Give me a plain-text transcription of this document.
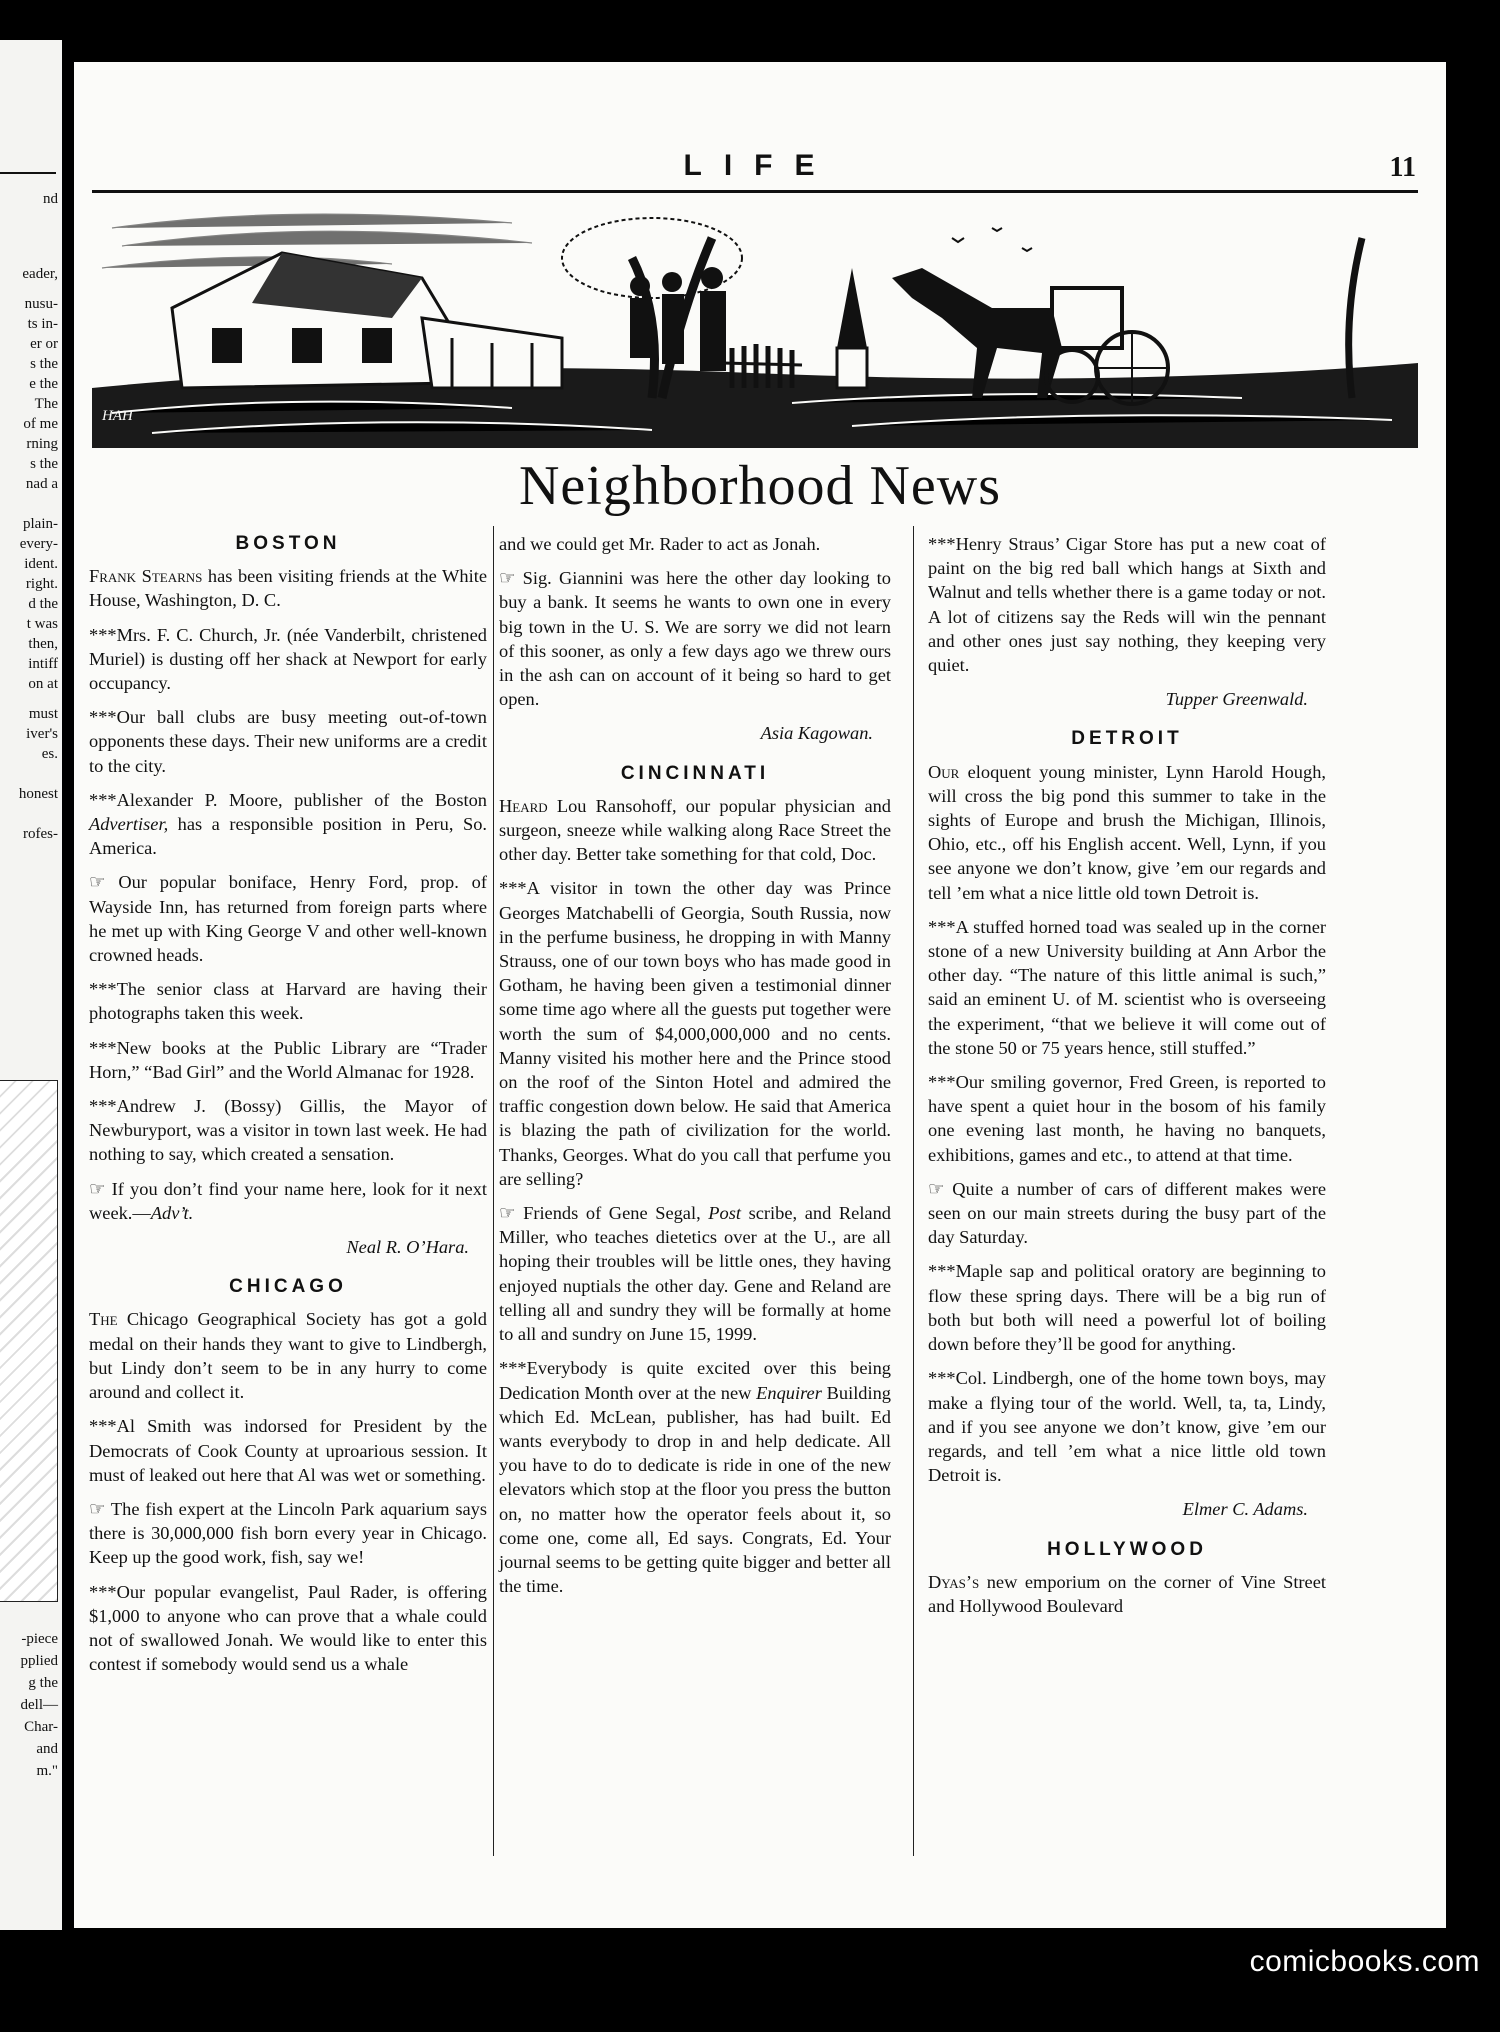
nd
eader,
nusu-
ts in-
er or
s the
e the
The
of me
rning
s the
nad a
plain-
every-
ident.
right.
d the
t was
then,
intiff
on at
must
iver's
es.
honest
rofes-
-piece
pplied
g the
dell—
Char-
and
m."
LIFE	11
HAH
Neighborhood News
BOSTON

Frank Stearns has been visiting friends at the White House, Washington, D. C.

***Mrs. F. C. Church, Jr. (née Vanderbilt, christened Muriel) is dusting off her shack at Newport for early occupancy.

***Our ball clubs are busy meeting out-of-town opponents these days. Their new uniforms are a credit to the city.

***Alexander P. Moore, publisher of the Boston Advertiser, has a responsible position in Peru, So. America.

☞ Our popular boniface, Henry Ford, prop. of Wayside Inn, has returned from foreign parts where he met up with King George V and other well-known crowned heads.

***The senior class at Harvard are having their photographs taken this week.

***New books at the Public Library are “Trader Horn,” “Bad Girl” and the World Almanac for 1928.

***Andrew J. (Bossy) Gillis, the Mayor of Newburyport, was a visitor in town last week. He had nothing to say, which created a sensation.

☞ If you don’t find your name here, look for it next week.—Adv’t.

Neal R. O’Hara.

CHICAGO

The Chicago Geographical Society has got a gold medal on their hands they want to give to Lindbergh, but Lindy don’t seem to be in any hurry to come around and collect it.

***Al Smith was indorsed for President by the Democrats of Cook County at uproarious session. It must of leaked out here that Al was wet or something.

☞ The fish expert at the Lincoln Park aquarium says there is 30,000,000 fish born every year in Chicago. Keep up the good work, fish, say we!

***Our popular evangelist, Paul Rader, is offering $1,000 to anyone who can prove that a whale could not of swallowed Jonah. We would like to enter this contest if somebody would send us a whale

and we could get Mr. Rader to act as Jonah.

☞ Sig. Giannini was here the other day looking to buy a bank. It seems he wants to own one in every big town in the U. S. We are sorry we did not learn of this sooner, as only a few days ago we threw ours in the ash can on account of it being so hard to get open.

Asia Kagowan.

CINCINNATI

Heard Lou Ransohoff, our popular physician and surgeon, sneeze while walking along Race Street the other day. Better take something for that cold, Doc.

***A visitor in town the other day was Prince Georges Matchabelli of Georgia, South Russia, now in the perfume business, he dropping in with Manny Strauss, one of our town boys who has made good in Gotham, he having been given a testimonial dinner some time ago where all the guests put together were worth the sum of $4,000,000,000 and no cents. Manny visited his mother here and the Prince stood on the roof of the Sinton Hotel and admired the traffic congestion down below. He said that America is blazing the path of civilization for the world. Thanks, Georges. What do you call that perfume you are selling?

☞ Friends of Gene Segal, Post scribe, and Reland Miller, who teaches dietetics over at the U., are all hoping their troubles will be little ones, they having enjoyed nuptials the other day. Gene and Reland are telling all and sundry they will be formally at home to all and sundry on June 15, 1999.

***Everybody is quite excited over this being Dedication Month over at the new Enquirer Building which Ed. McLean, publisher, has had built. Ed wants everybody to drop in and help dedicate. All you have to do to dedicate is ride in one of the new elevators which stop at the floor you press the button on, no matter how the operator feels about it, so come one, come all, Ed says. Congrats, Ed. Your journal seems to be getting quite bigger and better all the time.

***Henry Straus’ Cigar Store has put a new coat of paint on the big red ball which hangs at Sixth and Walnut and tells whether there is a game today or not. A lot of citizens say the Reds will win the pennant and other ones just say nothing, they keeping very quiet.

Tupper Greenwald.

DETROIT

Our eloquent young minister, Lynn Harold Hough, will cross the big pond this summer to take in the sights of Europe and brush the Michigan, Illinois, Ohio, etc., off his English accent. Well, Lynn, if you see anyone we don’t know, give ’em our regards and tell ’em what a nice little old town Detroit is.

***A stuffed horned toad was sealed up in the corner stone of a new University building at Ann Arbor the other day. “The nature of this little animal is such,” said an eminent U. of M. scientist who is overseeing the experiment, “that we believe it will come out of the stone 50 or 75 years hence, still stuffed.”

***Our smiling governor, Fred Green, is reported to have spent a quiet hour in the bosom of his family one evening last month, he having no banquets, exhibitions, games and etc., to attend at that time.

☞ Quite a number of cars of different makes were seen on our main streets during the busy part of the day Saturday.

***Maple sap and political oratory are beginning to flow these spring days. There will be a big run of both but both will need a powerful lot of boiling down before they’ll be good for anything.

***Col. Lindbergh, one of the home town boys, may make a flying tour of the world. Well, ta, ta, Lindy, and if you see anyone we don’t know, give ’em our regards, and tell ’em what a nice little old town Detroit is.

Elmer C. Adams.

HOLLYWOOD

Dyas’s new emporium on the corner of Vine Street and Hollywood Boulevard

comicbooks.com
